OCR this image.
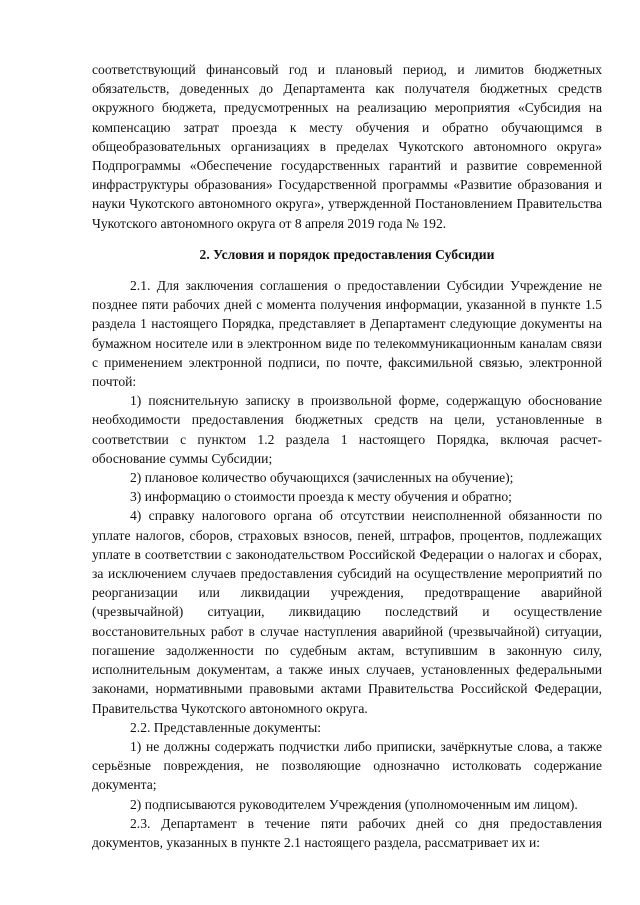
соответствующий финансовый год и плановый период, и лимитов бюджетных обязательств, доведенных до Департамента как получателя бюджетных средств окружного бюджета, предусмотренных на реализацию мероприятия «Субсидия на компенсацию затрат проезда к месту обучения и обратно обучающимся в общеобразовательных организациях в пределах Чукотского автономного округа» Подпрограммы «Обеспечение государственных гарантий и развитие современной инфраструктуры образования» Государственной программы «Развитие образования и науки Чукотского автономного округа», утвержденной Постановлением Правительства Чукотского автономного округа от 8 апреля 2019 года № 192.

2. Условия и порядок предоставления Субсидии

2.1. Для заключения соглашения о предоставлении Субсидии Учреждение не позднее пяти рабочих дней с момента получения информации, указанной в пункте 1.5 раздела 1 настоящего Порядка, представляет в Департамент следующие документы на бумажном носителе или в электронном виде по телекоммуникационным каналам связи с применением электронной подписи, по почте, факсимильной связью, электронной почтой:

1) пояснительную записку в произвольной форме, содержащую обоснование необходимости предоставления бюджетных средств на цели, установленные в соответствии с пунктом 1.2 раздела 1 настоящего Порядка, включая расчет-обоснование суммы Субсидии;

2) плановое количество обучающихся (зачисленных на обучение);

3) информацию о стоимости проезда к месту обучения и обратно;

4) справку налогового органа об отсутствии неисполненной обязанности по уплате налогов, сборов, страховых взносов, пеней, штрафов, процентов, подлежащих уплате в соответствии с законодательством Российской Федерации о налогах и сборах, за исключением случаев предоставления субсидий на осуществление мероприятий по реорганизации или ликвидации учреждения, предотвращение аварийной (чрезвычайной) ситуации, ликвидацию последствий и осуществление восстановительных работ в случае наступления аварийной (чрезвычайной) ситуации, погашение задолженности по судебным актам, вступившим в законную силу, исполнительным документам, а также иных случаев, установленных федеральными законами, нормативными правовыми актами Правительства Российской Федерации, Правительства Чукотского автономного округа.

2.2. Представленные документы:

1) не должны содержать подчистки либо приписки, зачёркнутые слова, а также серьёзные повреждения, не позволяющие однозначно истолковать содержание документа;

2) подписываются руководителем Учреждения (уполномоченным им лицом).

2.3. Департамент в течение пяти рабочих дней со дня предоставления документов, указанных в пункте 2.1 настоящего раздела, рассматривает их и:
